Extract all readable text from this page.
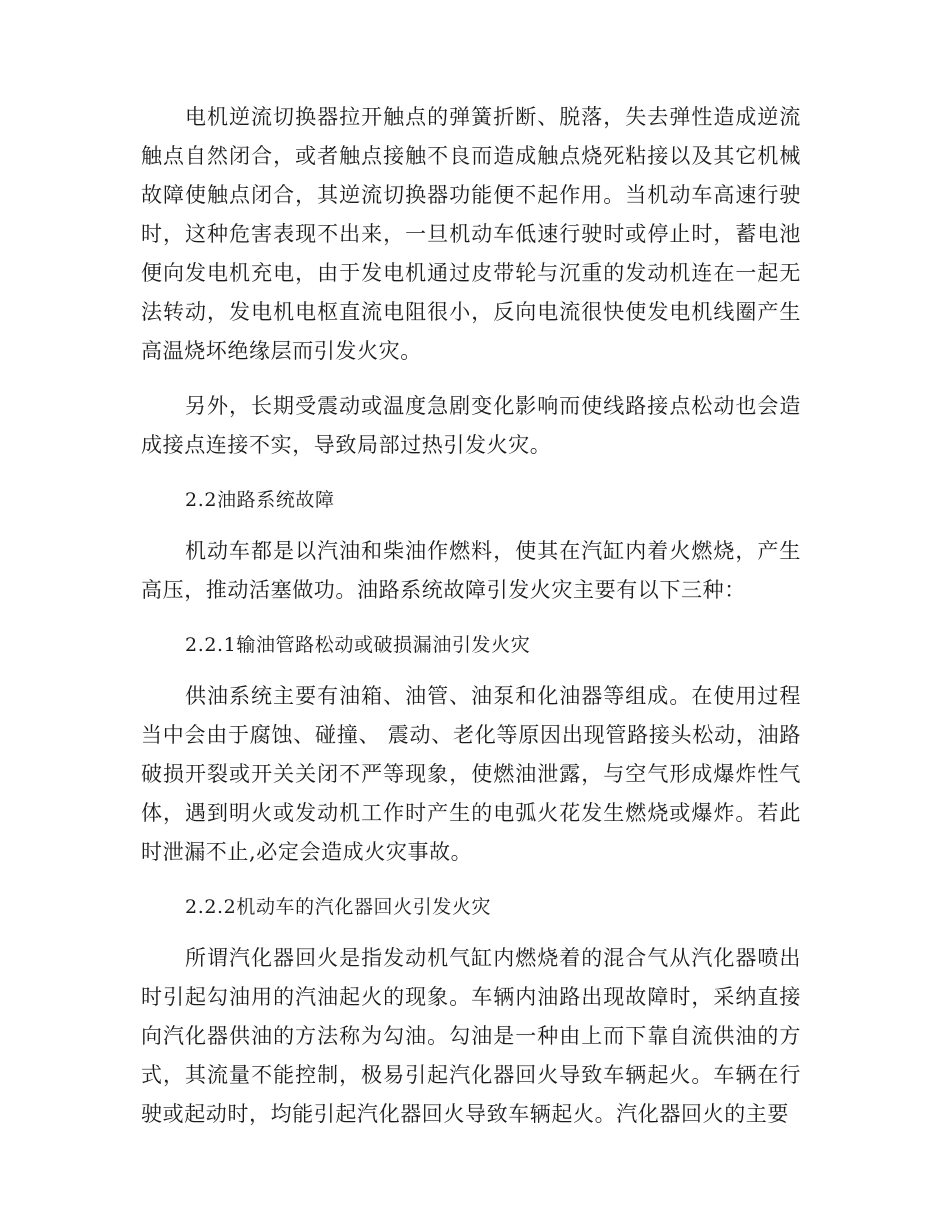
电机逆流切换器拉开触点的弹簧折断、脱落，失去弹性造成逆流触点自然闭合，或者触点接触不良而造成触点烧死粘接以及其它机械故障使触点闭合，其逆流切换器功能便不起作用。当机动车高速行驶时，这种危害表现不出来，一旦机动车低速行驶时或停止时，蓄电池便向发电机充电，由于发电机通过皮带轮与沉重的发动机连在一起无法转动，发电机电枢直流电阻很小，反向电流很快使发电机线圈产生高温烧坏绝缘层而引发火灾。

另外，长期受震动或温度急剧变化影响而使线路接点松动也会造成接点连接不实，导致局部过热引发火灾。

2.2油路系统故障

机动车都是以汽油和柴油作燃料，使其在汽缸内着火燃烧，产生高压，推动活塞做功。油路系统故障引发火灾主要有以下三种：

2.2.1输油管路松动或破损漏油引发火灾

供油系统主要有油箱、油管、油泵和化油器等组成。在使用过程当中会由于腐蚀、碰撞、 震动、老化等原因出现管路接头松动，油路破损开裂或开关关闭不严等现象，使燃油泄露，与空气形成爆炸性气体，遇到明火或发动机工作时产生的电弧火花发生燃烧或爆炸。若此时泄漏不止,必定会造成火灾事故。

2.2.2机动车的汽化器回火引发火灾

所谓汽化器回火是指发动机气缸内燃烧着的混合气从汽化器喷出时引起勾油用的汽油起火的现象。车辆内油路出现故障时，采纳直接向汽化器供油的方法称为勾油。勾油是一种由上而下靠自流供油的方式，其流量不能控制，极易引起汽化器回火导致车辆起火。车辆在行驶或起动时，均能引起汽化器回火导致车辆起火。汽化器回火的主要
